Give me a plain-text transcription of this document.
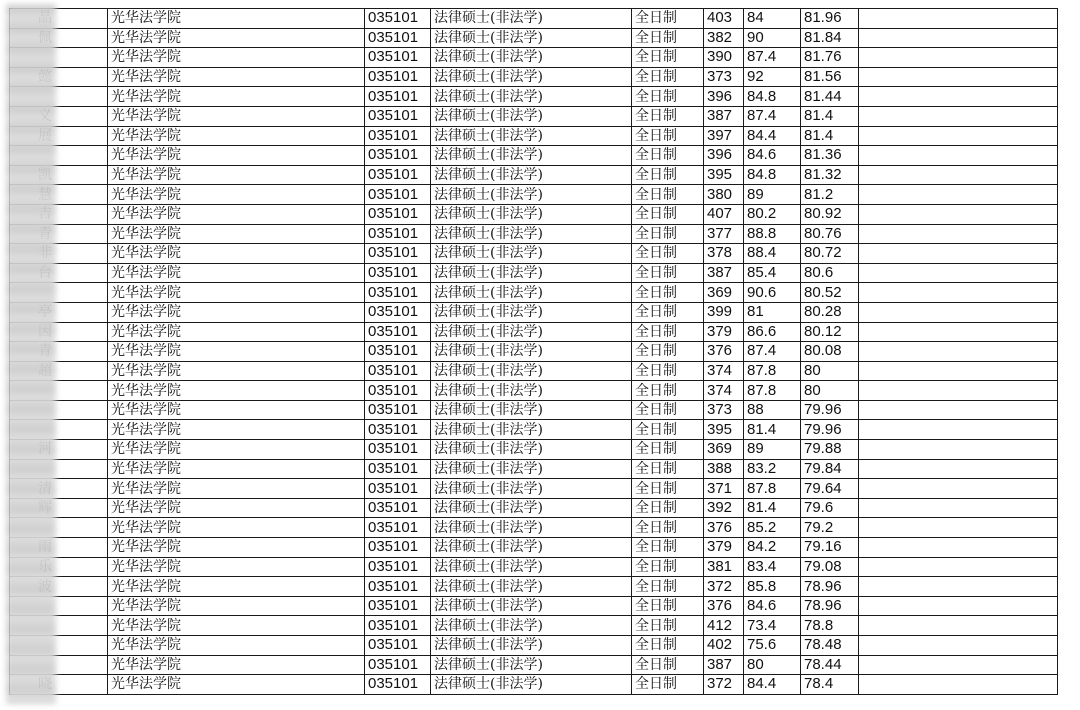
	光华法学院	035101	法律硕士(非法学)	全日制	403	84	81.96	

	光华法学院	035101	法律硕士(非法学)	全日制	382	90	81.84	

	光华法学院	035101	法律硕士(非法学)	全日制	390	87.4	81.76	

	光华法学院	035101	法律硕士(非法学)	全日制	373	92	81.56	

	光华法学院	035101	法律硕士(非法学)	全日制	396	84.8	81.44	

	光华法学院	035101	法律硕士(非法学)	全日制	387	87.4	81.4	

	光华法学院	035101	法律硕士(非法学)	全日制	397	84.4	81.4	

	光华法学院	035101	法律硕士(非法学)	全日制	396	84.6	81.36	

	光华法学院	035101	法律硕士(非法学)	全日制	395	84.8	81.32	

	光华法学院	035101	法律硕士(非法学)	全日制	380	89	81.2	

	光华法学院	035101	法律硕士(非法学)	全日制	407	80.2	80.92	

	光华法学院	035101	法律硕士(非法学)	全日制	377	88.8	80.76	

	光华法学院	035101	法律硕士(非法学)	全日制	378	88.4	80.72	

	光华法学院	035101	法律硕士(非法学)	全日制	387	85.4	80.6	

	光华法学院	035101	法律硕士(非法学)	全日制	369	90.6	80.52	

	光华法学院	035101	法律硕士(非法学)	全日制	399	81	80.28	

	光华法学院	035101	法律硕士(非法学)	全日制	379	86.6	80.12	

	光华法学院	035101	法律硕士(非法学)	全日制	376	87.4	80.08	

	光华法学院	035101	法律硕士(非法学)	全日制	374	87.8	80	

	光华法学院	035101	法律硕士(非法学)	全日制	374	87.8	80	

	光华法学院	035101	法律硕士(非法学)	全日制	373	88	79.96	

	光华法学院	035101	法律硕士(非法学)	全日制	395	81.4	79.96	

	光华法学院	035101	法律硕士(非法学)	全日制	369	89	79.88	

	光华法学院	035101	法律硕士(非法学)	全日制	388	83.2	79.84	

	光华法学院	035101	法律硕士(非法学)	全日制	371	87.8	79.64	

	光华法学院	035101	法律硕士(非法学)	全日制	392	81.4	79.6	

	光华法学院	035101	法律硕士(非法学)	全日制	376	85.2	79.2	

	光华法学院	035101	法律硕士(非法学)	全日制	379	84.2	79.16	

	光华法学院	035101	法律硕士(非法学)	全日制	381	83.4	79.08	

	光华法学院	035101	法律硕士(非法学)	全日制	372	85.8	78.96	

	光华法学院	035101	法律硕士(非法学)	全日制	376	84.6	78.96	

	光华法学院	035101	法律硕士(非法学)	全日制	412	73.4	78.8	

	光华法学院	035101	法律硕士(非法学)	全日制	402	75.6	78.48	

	光华法学院	035101	法律硕士(非法学)	全日制	387	80	78.44	

	光华法学院	035101	法律硕士(非法学)	全日制	372	84.4	78.4	
